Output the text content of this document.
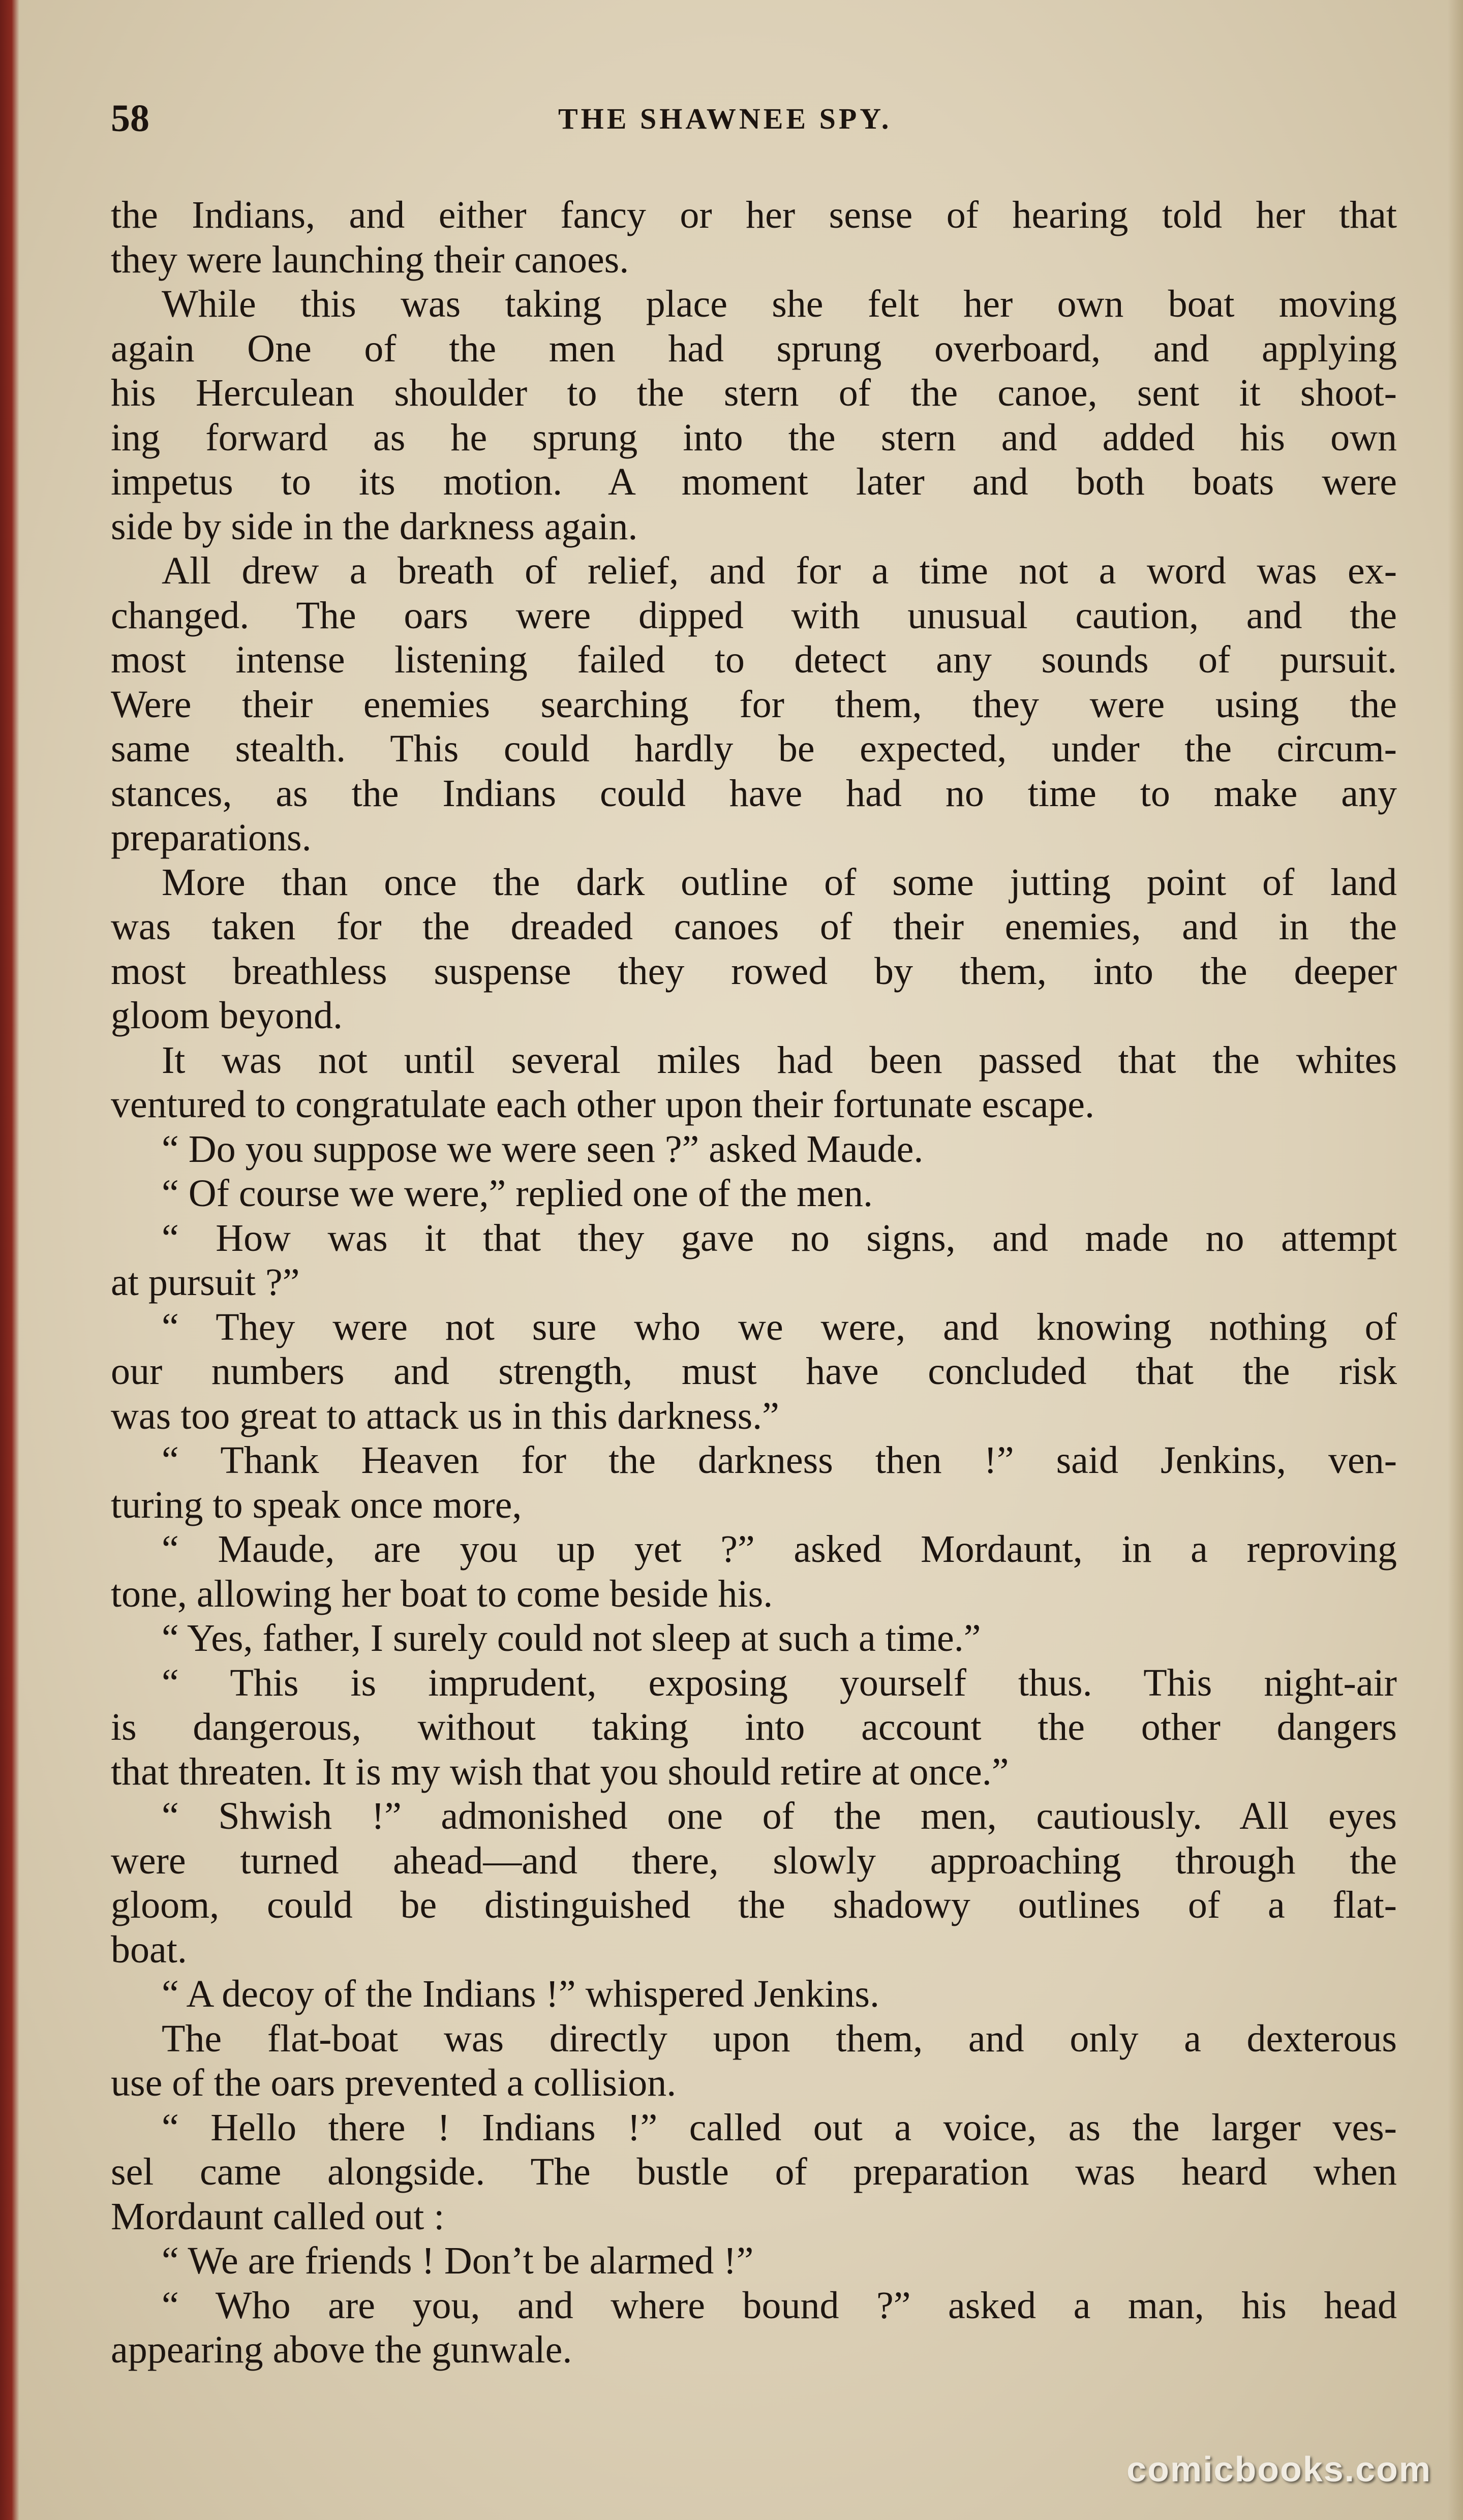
58	THE SHAWNEE SPY.
the Indians, and either fancy or her sense of hearing told her that
they were launching their canoes.
While this was taking place she felt her own boat moving
again One of the men had sprung overboard, and applying
his Herculean shoulder to the stern of the canoe, sent it shoot-
ing forward as he sprung into the stern and added his own
impetus to its motion. A moment later and both boats were
side by side in the darkness again.
All drew a breath of relief, and for a time not a word was ex-
changed. The oars were dipped with unusual caution, and the
most intense listening failed to detect any sounds of pursuit.
Were their enemies searching for them, they were using the
same stealth. This could hardly be expected, under the circum-
stances, as the Indians could have had no time to make any
preparations.
More than once the dark outline of some jutting point of land
was taken for the dreaded canoes of their enemies, and in the
most breathless suspense they rowed by them, into the deeper
gloom beyond.
It was not until several miles had been passed that the whites
ventured to congratulate each other upon their fortunate escape.
“ Do you suppose we were seen ?” asked Maude.
“ Of course we were,” replied one of the men.
“ How was it that they gave no signs, and made no attempt
at pursuit ?”
“ They were not sure who we were, and knowing nothing of
our numbers and strength, must have concluded that the risk
was too great to attack us in this darkness.”
“ Thank Heaven for the darkness then !” said Jenkins, ven-
turing to speak once more,
“ Maude, are you up yet ?” asked Mordaunt, in a reproving
tone, allowing her boat to come beside his.
“ Yes, father, I surely could not sleep at such a time.”
“ This is imprudent, exposing yourself thus. This night-air
is dangerous, without taking into account the other dangers
that threaten. It is my wish that you should retire at once.”
“ Shwish !” admonished one of the men, cautiously. All eyes
were turned ahead—and there, slowly approaching through the
gloom, could be distinguished the shadowy outlines of a flat-
boat.
“ A decoy of the Indians !” whispered Jenkins.
The flat-boat was directly upon them, and only a dexterous
use of the oars prevented a collision.
“ Hello there ! Indians !” called out a voice, as the larger ves-
sel came alongside. The bustle of preparation was heard when
Mordaunt called out :
“ We are friends ! Don’t be alarmed !”
“ Who are you, and where bound ?” asked a man, his head
appearing above the gunwale.
comicbooks.com
